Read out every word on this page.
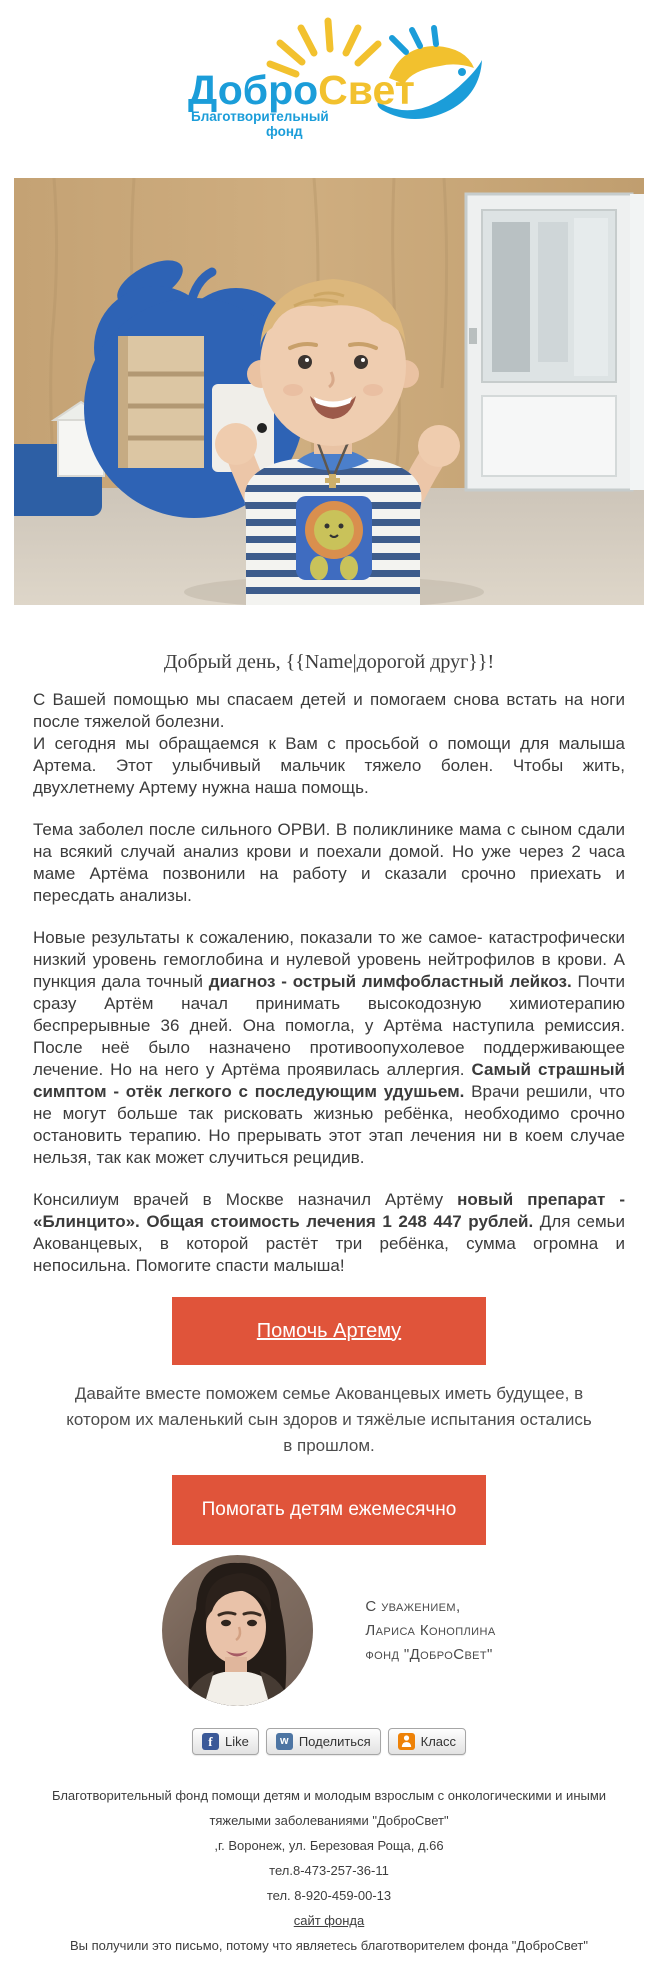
ДоброСвет
Благотворительный
фонд
Добрый день, {{Name|дорогой друг}}!

С Вашей помощью мы спасаем детей и помогаем снова встать на ноги после тяжелой болезни.
И сегодня мы обращаемся к Вам с просьбой о помощи для малыша Артема. Этот улыбчивый мальчик тяжело болен. Чтобы жить, двухлетнему Артему нужна наша помощь.

Тема заболел после сильного ОРВИ. В поликлинике мама с сыном сдали на всякий случай анализ крови и поехали домой. Но уже через 2 часа маме Артёма позвонили на работу и сказали срочно приехать и пересдать анализы.

Новые результаты к сожалению, показали то же самое- катастрофически низкий уровень гемоглобина и нулевой уровень нейтрофилов в крови. А пункция дала точный диагноз - острый лимфобластный лейкоз. Почти сразу Артём начал принимать высокодозную химиотерапию беспрерывные 36 дней. Она помогла, у Артёма наступила ремиссия. После неё было назначено противоопухолевое поддерживающее лечение. Но на него у Артёма проявилась аллергия. Самый страшный симптом - отёк легкого с последующим удушьем. Врачи решили, что не могут больше так рисковать жизнью ребёнка, необходимо срочно остановить терапию. Но прерывать этот этап лечения ни в коем случае нельзя, так как может случиться рецидив.

Консилиум врачей в Москве назначил Артёму новый препарат - «Блинцито». Общая стоимость лечения 1 248 447 рублей. Для семьи Акованцевых, в которой растёт три ребёнка, сумма огромна и непосильна. Помогите спасти малыша!

Помочь Артему
Давайте вместе поможем семье Акованцевых иметь будущее, в котором их маленький сын здоров и тяжёлые испытания остались в прошлом.
Помогать детям ежемесячно
С уважением,
Лариса Коноплина
фонд "ДоброСвет"
f Like	w Поделиться	Класс

Благотворительный фонд помощи детям и молодым взрослым с онкологическими и иными тяжелыми заболеваниями "ДоброСвет"

,г. Воронеж, ул. Березовая Роща, д.66

тел.8-473-257-36-11

тел. 8-920-459-00-13

сайт фонда

Вы получили это письмо, потому что являетесь благотворителем фонда "ДоброСвет"
